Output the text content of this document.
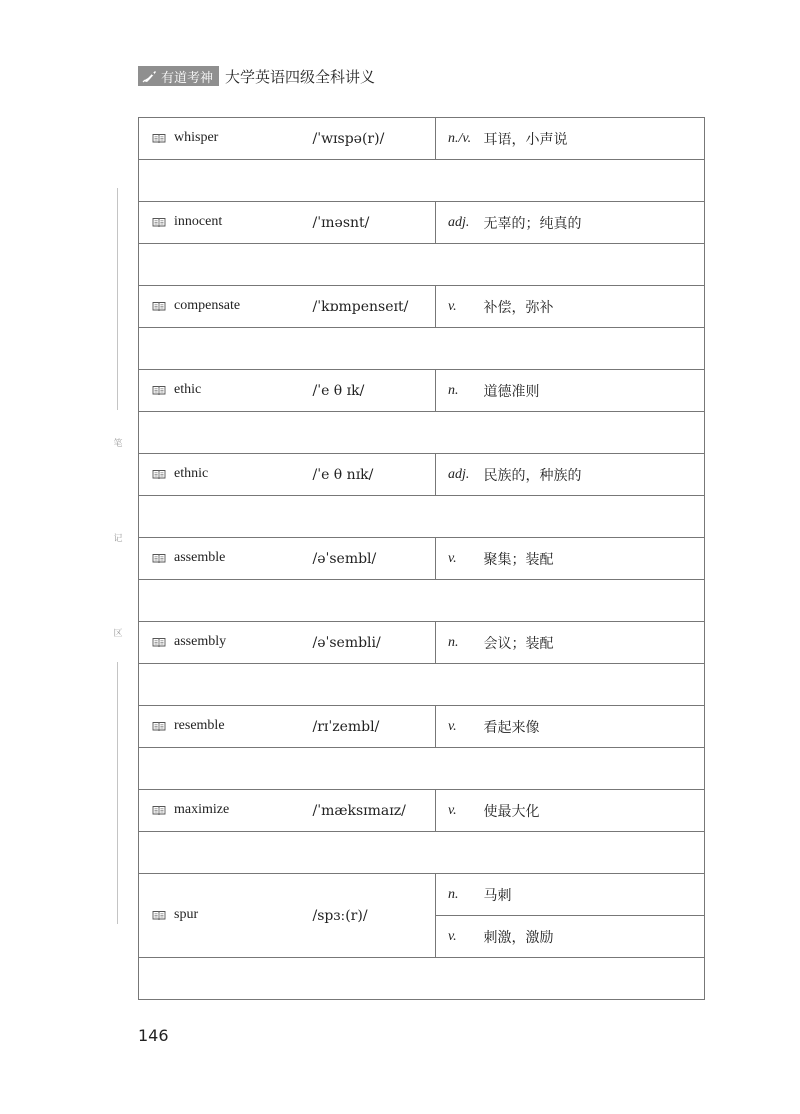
有道考神 大学英语四级全科讲义
笔
记
区
whisper	/ˈwɪspə(r)/	n./v.	耳语，小声说

innocent	/ˈɪnəsnt/	adj.	无辜的；纯真的

compensate	/ˈkɒmpenseɪt/	v.	补偿，弥补

ethic	/ˈe θ ɪk/	n.	道德准则

ethnic	/ˈe θ nɪk/	adj.	民族的，种族的

assemble	/əˈsembl/	v.	聚集；装配

assembly	/əˈsembli/	n.	会议；装配

resemble	/rɪˈzembl/	v.	看起来像

maximize	/ˈmæksɪmaɪz/	v.	使最大化

spur	/spɜː(r)/	n.	马刺
		v.	刺激，激励

146
